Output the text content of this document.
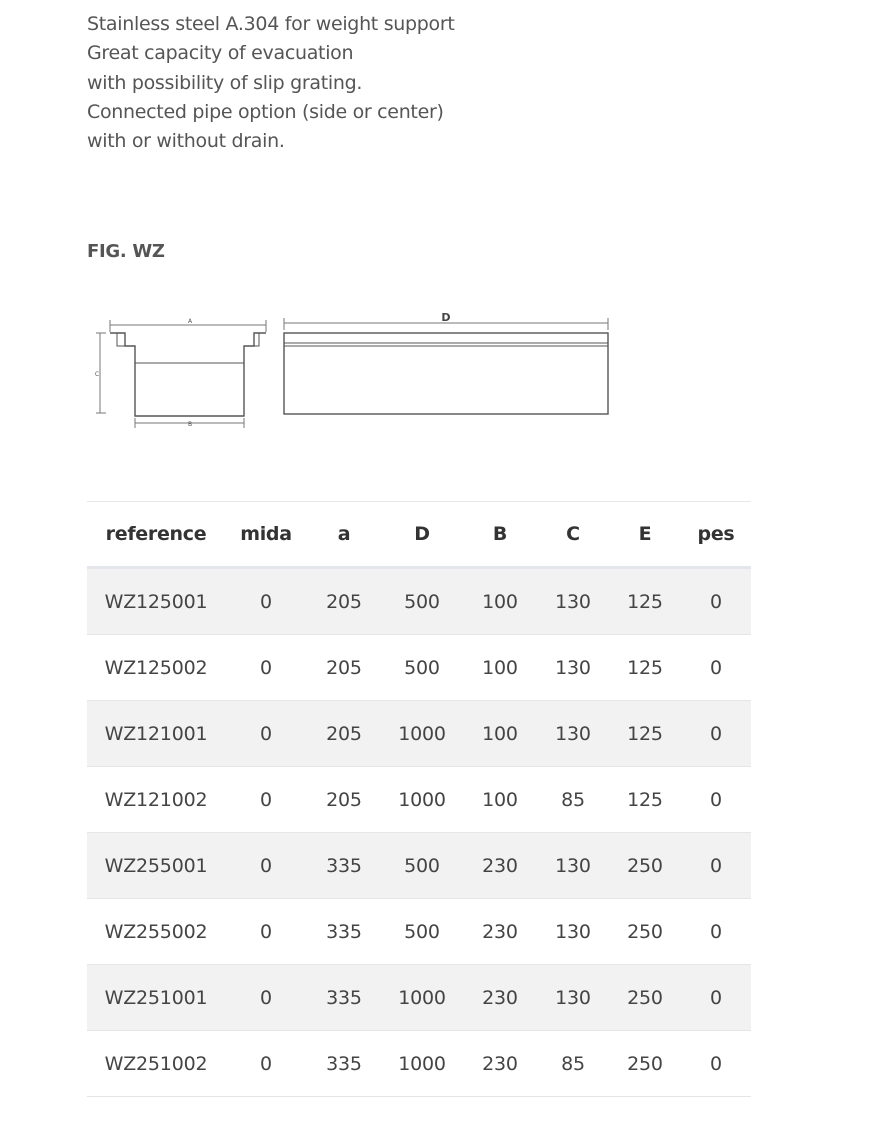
Stainless steel A.304 for weight support
Great capacity of evacuation
with possibility of slip grating.
Connected pipe option (side or center)
with or without drain.
FIG. WZ
A
C
B
D
reference	mida	a	D	B	C	E	pes
WZ125001	0	205	500	100	130	125	0
WZ125002	0	205	500	100	130	125	0
WZ121001	0	205	1000	100	130	125	0
WZ121002	0	205	1000	100	85	125	0
WZ255001	0	335	500	230	130	250	0
WZ255002	0	335	500	230	130	250	0
WZ251001	0	335	1000	230	130	250	0
WZ251002	0	335	1000	230	85	250	0
